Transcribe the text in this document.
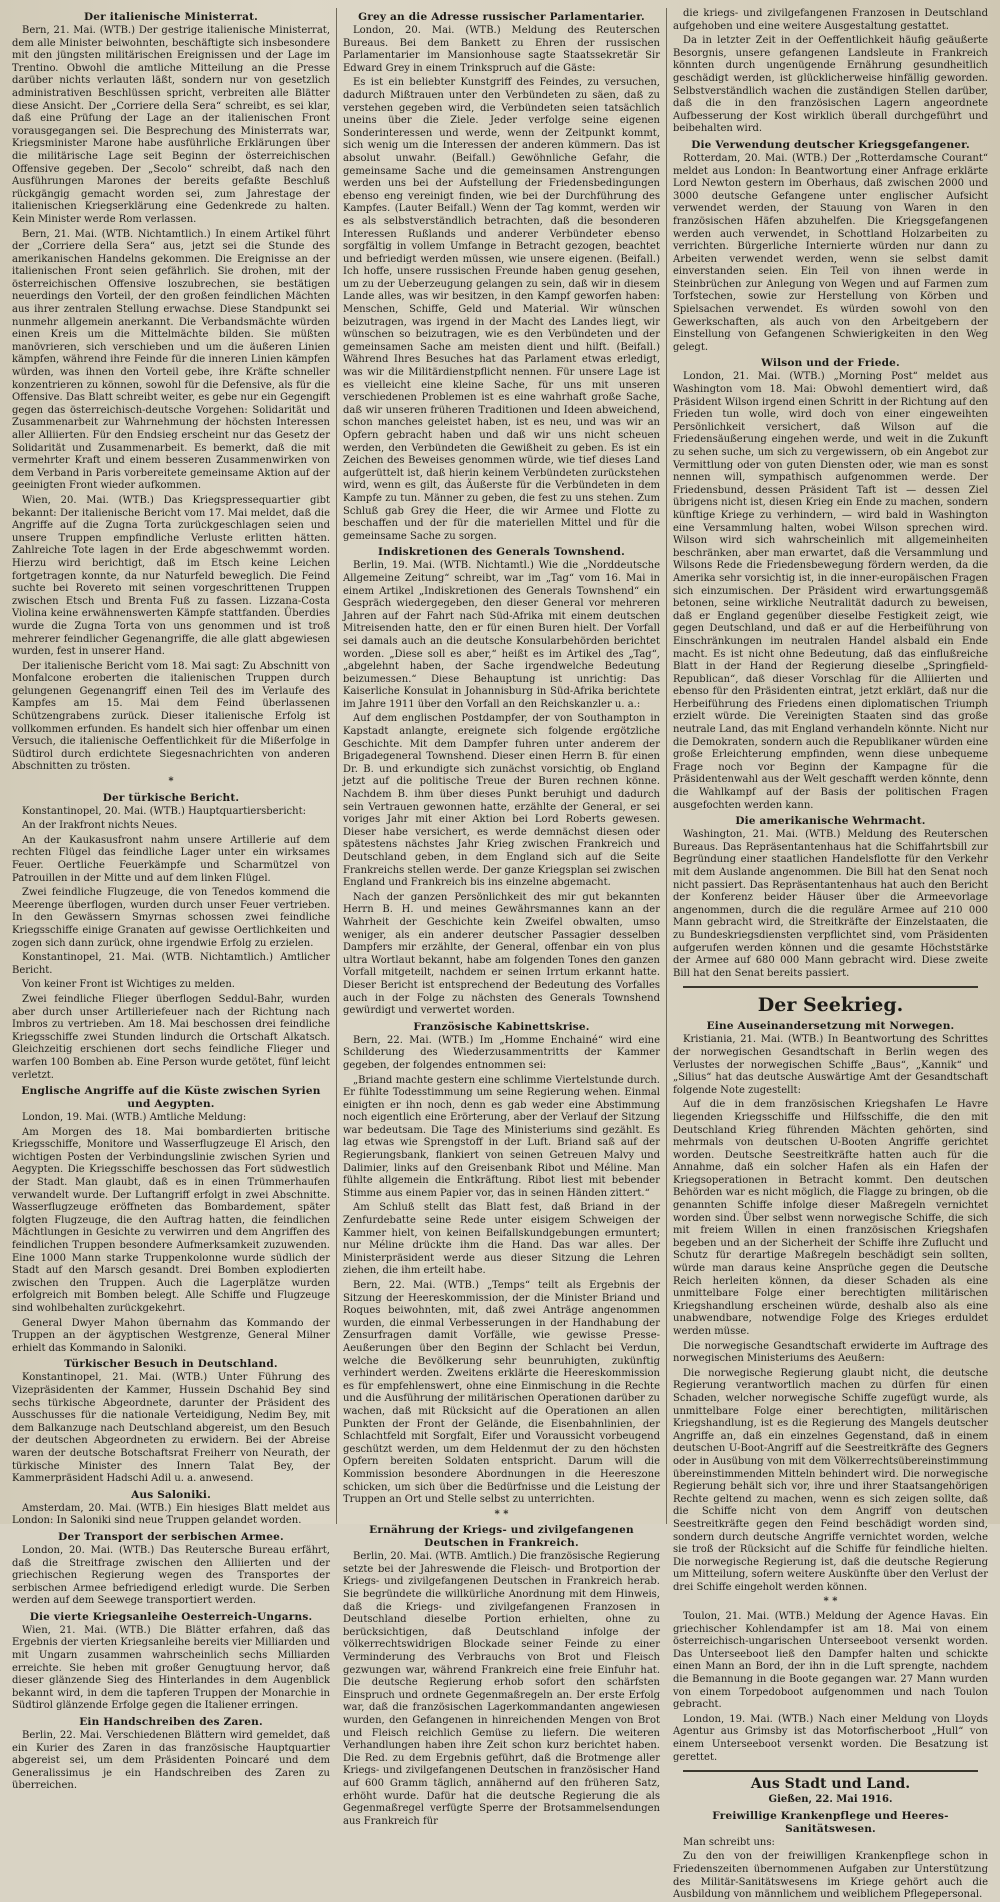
Der italienische Ministerrat.

Bern, 21. Mai. (WTB.) Der gestrige italienische Ministerrat, dem alle Minister beiwohnten, beschäftigte sich insbesondere mit den jüngsten militärischen Ereignissen und der Lage im Trentino. Obwohl die amtliche Mitteilung an die Presse darüber nichts verlauten läßt, sondern nur von gesetzlich administrativen Beschlüssen spricht, verbreiten alle Blätter diese Ansicht. Der „Corriere della Sera“ schreibt, es sei klar, daß eine Prüfung der Lage an der italienischen Front vorausgegangen sei. Die Besprechung des Ministerrats war, Kriegsminister Marone habe ausführliche Erklärungen über die militärische Lage seit Beginn der österreichischen Offensive gegeben. Der „Secolo“ schreibt, daß nach den Ausführungen Marones der bereits gefaßte Beschluß rückgängig gemacht worden sei, zum Jahrestage der italienischen Kriegserklärung eine Gedenkrede zu halten. Kein Minister werde Rom verlassen.

Bern, 21. Mai. (WTB. Nichtamtlich.) In einem Artikel führt der „Corriere della Sera“ aus, jetzt sei die Stunde des amerikanischen Handelns gekommen. Die Ereignisse an der italienischen Front seien gefährlich. Sie drohen, mit der österreichischen Offensive loszubrechen, sie bestätigen neuerdings den Vorteil, der den großen feindlichen Mächten aus ihrer zentralen Stellung erwachse. Diese Standpunkt sei nunmehr allgemein anerkannt. Die Verbandsmächte würden einen Kreis um die Mittelmächte bilden. Sie müßten manövrieren, sich verschieben und um die äußeren Linien kämpfen, während ihre Feinde für die inneren Linien kämpfen würden, was ihnen den Vorteil gebe, ihre Kräfte schneller konzentrieren zu können, sowohl für die Defensive, als für die Offensive. Das Blatt schreibt weiter, es gebe nur ein Gegengift gegen das österreichisch-deutsche Vorgehen: Solidarität und Zusammenarbeit zur Wahrnehmung der höchsten Interessen aller Alliierten. Für den Endsieg erscheint nur das Gesetz der Solidarität und Zusammenarbeit. Es bemerkt, daß die mit vermehrter Kraft und einem besseren Zusammenwirken von dem Verband in Paris vorbereitete gemeinsame Aktion auf der geeinigten Front wieder aufkommen.

Wien, 20. Mai. (WTB.) Das Kriegspressequartier gibt bekannt: Der italienische Bericht vom 17. Mai meldet, daß die Angriffe auf die Zugna Torta zurückgeschlagen seien und unsere Truppen empfindliche Verluste erlitten hätten. Zahlreiche Tote lagen in der Erde abgeschwemmt worden. Hierzu wird berichtigt, daß im Etsch keine Leichen fortgetragen konnte, da nur Naturfeld beweglich. Die Feind suchte bei Rovereto mit seinen vorgeschrittenen Truppen zwischen Etsch und Brenta Fuß zu fassen. Lizzana-Costa Violina keine erwähnenswerten Kämpfe stattfanden. Überdies wurde die Zugna Torta von uns genommen und ist troß mehrerer feindlicher Gegenangriffe, die alle glatt abgewiesen wurden, fest in unserer Hand.

Der italienische Bericht vom 18. Mai sagt: Zu Abschnitt von Monfalcone eroberten die italienischen Truppen durch gelungenen Gegenangriff einen Teil des im Verlaufe des Kampfes am 15. Mai dem Feind überlassenen Schützengrabens zurück. Dieser italienische Erfolg ist vollkommen erfunden. Es handelt sich hier offenbar um einen Versuch, die italienische Oeffentlichkeit für die Mißerfolge in Südtirol durch erdichtete Siegesnachrichten von anderen Abschnitten zu trösten.

*
Der türkische Bericht.

Konstantinopel, 20. Mai. (WTB.) Hauptquartiersbericht:

An der Irakfront nichts Neues.

An der Kaukasusfront nahm unsere Artillerie auf dem rechten Flügel das feindliche Lager unter ein wirksames Feuer. Oertliche Feuerkämpfe und Scharmützel von Patrouillen in der Mitte und auf dem linken Flügel.

Zwei feindliche Flugzeuge, die von Tenedos kommend die Meerenge überflogen, wurden durch unser Feuer vertrieben. In den Gewässern Smyrnas schossen zwei feindliche Kriegsschiffe einige Granaten auf gewisse Oertlichkeiten und zogen sich dann zurück, ohne irgendwie Erfolg zu erzielen.

Konstantinopel, 21. Mai. (WTB. Nichtamtlich.) Amtlicher Bericht.

Von keiner Front ist Wichtiges zu melden.

Zwei feindliche Flieger überflogen Seddul-Bahr, wurden aber durch unser Artilleriefeuer nach der Richtung nach Imbros zu vertrieben. Am 18. Mai beschossen drei feindliche Kriegsschiffe zwei Stunden lindurch die Ortschaft Alkatsch. Gleichzeitig erschienen dort sechs feindliche Flieger und warfen 100 Bomben ab. Eine Person wurde getötet, fünf leicht verletzt.

Englische Angriffe auf die Küste zwischen Syrien und Aegypten.

London, 19. Mai. (WTB.) Amtliche Meldung:

Am Morgen des 18. Mai bombardierten britische Kriegsschiffe, Monitore und Wasserflugzeuge El Arisch, den wichtigen Posten der Verbindungslinie zwischen Syrien und Aegypten. Die Kriegsschiffe beschossen das Fort südwestlich der Stadt. Man glaubt, daß es in einen Trümmerhaufen verwandelt wurde. Der Luftangriff erfolgt in zwei Abschnitte. Wasserflugzeuge eröffneten das Bombardement, später folgten Flugzeuge, die den Auftrag hatten, die feindlichen Mächtlungen in Gesichte zu verwirren und dem Angriffen des feindlichen Truppen besondere Aufmerksamkeit zuzuwenden. Eine 1000 Mann starke Truppenkolonne wurde südlich der Stadt auf den Marsch gesandt. Drei Bomben explodierten zwischen den Truppen. Auch die Lagerplätze wurden erfolgreich mit Bomben belegt. Alle Schiffe und Flugzeuge sind wohlbehalten zurückgekehrt.

General Dwyer Mahon übernahm das Kommando der Truppen an der ägyptischen Westgrenze, General Milner erhielt das Kommando in Saloniki.

Türkischer Besuch in Deutschland.

Konstantinopel, 21. Mai. (WTB.) Unter Führung des Vizepräsidenten der Kammer, Hussein Dschahid Bey sind sechs türkische Abgeordnete, darunter der Präsident des Ausschusses für die nationale Verteidigung, Nedim Bey, mit dem Balkanzuge nach Deutschland abgereist, um den Besuch der deutschen Abgeordneten zu erwidern. Bei der Abreise waren der deutsche Botschaftsrat Freiherr von Neurath, der türkische Minister des Innern Talat Bey, der Kammerpräsident Hadschi Adil u. a. anwesend.

Aus Saloniki.

Amsterdam, 20. Mai. (WTB.) Ein hiesiges Blatt meldet aus London: In Saloniki sind neue Truppen gelandet worden.

Der Transport der serbischen Armee.

London, 20. Mai. (WTB.) Das Reutersche Bureau erfährt, daß die Streitfrage zwischen den Alliierten und der griechischen Regierung wegen des Transportes der serbischen Armee befriedigend erledigt wurde. Die Serben werden auf dem Seewege transportiert werden.

Die vierte Kriegsanleihe Oesterreich-Ungarns.

Wien, 21. Mai. (WTB.) Die Blätter erfahren, daß das Ergebnis der vierten Kriegsanleihe bereits vier Milliarden und mit Ungarn zusammen wahrscheinlich sechs Milliarden erreichte. Sie heben mit großer Genugtuung hervor, daß dieser glänzende Sieg des Hinterlandes in dem Augenblick bekannt wird, in dem die tapferen Truppen der Monarchie in Südtirol glänzende Erfolge gegen die Italiener erringen.

Ein Handschreiben des Zaren.

Berlin, 22. Mai. Verschiedenen Blättern wird gemeldet, daß ein Kurier des Zaren in das französische Hauptquartier abgereist sei, um dem Präsidenten Poincaré und dem Generalissimus je ein Handschreiben des Zaren zu überreichen.

Grey an die Adresse russischer Parlamentarier.

London, 20. Mai. (WTB.) Meldung des Reuterschen Bureaus. Bei dem Bankett zu Ehren der russischen Parlamentarier im Mansionhouse sagte Staatssekretär Sir Edward Grey in einem Trinkspruch auf die Gäste:

Es ist ein beliebter Kunstgriff des Feindes, zu versuchen, dadurch Mißtrauen unter den Verbündeten zu säen, daß zu verstehen gegeben wird, die Verbündeten seien tatsächlich uneins über die Ziele. Jeder verfolge seine eigenen Sonderinteressen und werde, wenn der Zeitpunkt kommt, sich wenig um die Interessen der anderen kümmern. Das ist absolut unwahr. (Beifall.) Gewöhnliche Gefahr, die gemeinsame Sache und die gemeinsamen Anstrengungen werden uns bei der Aufstellung der Friedensbedingungen ebenso eng vereinigt finden, wie bei der Durchführung des Kampfes. (Lauter Beifall.) Wenn der Tag kommt, werden wir es als selbstverständlich betrachten, daß die besonderen Interessen Rußlands und anderer Verbündeter ebenso sorgfältig in vollem Umfange in Betracht gezogen, beachtet und befriedigt werden müssen, wie unsere eigenen. (Beifall.) Ich hoffe, unsere russischen Freunde haben genug gesehen, um zu der Ueberzeugung gelangen zu sein, daß wir in diesem Lande alles, was wir besitzen, in den Kampf geworfen haben: Menschen, Schiffe, Geld und Material. Wir wünschen beizutragen, was irgend in der Macht des Landes liegt, wir wünschen so beizutragen, wie es den Verbündeten und der gemeinsamen Sache am meisten dient und hilft. (Beifall.) Während Ihres Besuches hat das Parlament etwas erledigt, was wir die Militärdienstpflicht nennen. Für unsere Lage ist es vielleicht eine kleine Sache, für uns mit unseren verschiedenen Problemen ist es eine wahrhaft große Sache, daß wir unseren früheren Traditionen und Ideen abweichend, schon manches geleistet haben, ist es neu, und was wir an Opfern gebracht haben und daß wir uns nicht scheuen werden, den Verbündeten die Gewißheit zu geben. Es ist ein Zeichen des Beweises genommen würde, wie tief dieses Land aufgerüttelt ist, daß hierin keinem Verbündeten zurückstehen wird, wenn es gilt, das Äußerste für die Verbündeten in dem Kampfe zu tun. Männer zu geben, die fest zu uns stehen. Zum Schluß gab Grey die Heer, die wir Armee und Flotte zu beschaffen und der für die materiellen Mittel und für die gemeinsame Sache zu sorgen.

Indiskretionen des Generals Townshend.

Berlin, 19. Mai. (WTB. Nichtamtl.) Wie die „Norddeutsche Allgemeine Zeitung“ schreibt, war im „Tag“ vom 16. Mai in einem Artikel „Indiskretionen des Generals Townshend“ ein Gespräch wiedergegeben, den dieser General vor mehreren Jahren auf der Fahrt nach Süd-Afrika mit einem deutschen Mitreisenden hatte, den er für einen Buren hielt. Der Vorfall sei damals auch an die deutsche Konsularbehörden berichtet worden. „Diese soll es aber,“ heißt es im Artikel des „Tag“, „abgelehnt haben, der Sache irgendwelche Bedeutung beizumessen.“ Diese Behauptung ist unrichtig: Das Kaiserliche Konsulat in Johannisburg in Süd-Afrika berichtete im Jahre 1911 über den Vorfall an den Reichskanzler u. a.:

Auf dem englischen Postdampfer, der von Southampton in Kapstadt anlangte, ereignete sich folgende ergötzliche Geschichte. Mit dem Dampfer fuhren unter anderem der Brigadegeneral Townshend. Dieser einen Herrn B. für einen Dr. B. und erkundigte sich zunächst vorsichtig, ob England jetzt auf die politische Treue der Buren rechnen könne. Nachdem B. ihm über dieses Punkt beruhigt und dadurch sein Vertrauen gewonnen hatte, erzählte der General, er sei voriges Jahr mit einer Aktion bei Lord Roberts gewesen. Dieser habe versichert, es werde demnächst diesen oder spätestens nächstes Jahr Krieg zwischen Frankreich und Deutschland geben, in dem England sich auf die Seite Frankreichs stellen werde. Der ganze Kriegsplan sei zwischen England und Frankreich bis ins einzelne abgemacht.

Nach der ganzen Persönlichkeit des mir gut bekannten Herrn B. H. und meines Gewährsmannes kann an der Wahrheit der Geschichte kein Zweifel obwalten, umso weniger, als ein anderer deutscher Passagier desselben Dampfers mir erzählte, der General, offenbar ein von plus ultra Wortlaut bekannt, habe am folgenden Tones den ganzen Vorfall mitgeteilt, nachdem er seinen Irrtum erkannt hatte. Dieser Bericht ist entsprechend der Bedeutung des Vorfalles auch in der Folge zu nächsten des Generals Townshend gewürdigt und verwertet worden.

Französische Kabinettskrise.

Bern, 22. Mai. (WTB.) Im „Homme Enchainé“ wird eine Schilderung des Wiederzusammentritts der Kammer gegeben, der folgendes entnommen sei:

„Briand machte gestern eine schlimme Viertelstunde durch. Er fühlte Todesstimmung um seine Regierung wehen. Einmal einigten er ihn noch, denn es gab weder eine Abstimmung noch eigentlich eine Erörterung, aber der Verlauf der Sitzung war bedeutsam. Die Tage des Ministeriums sind gezählt. Es lag etwas wie Sprengstoff in der Luft. Briand saß auf der Regierungsbank, flankiert von seinen Getreuen Malvy und Dalimier, links auf den Greisenbank Ribot und Méline. Man fühlte allgemein die Entkräftung. Ribot liest mit bebender Stimme aus einem Papier vor, das in seinen Händen zittert.“

Am Schluß stellt das Blatt fest, daß Briand in der Zenfurdebatte seine Rede unter eisigem Schweigen der Kammer hielt, von keinen Beifallskundgebungen ermuntert; nur Méline drückte ihm die Hand. Das war alles. Der Ministerpräsident werde aus dieser Sitzung die Lehren ziehen, die ihm erteilt habe.

Bern, 22. Mai. (WTB.) „Temps“ teilt als Ergebnis der Sitzung der Heereskommission, der die Minister Briand und Roques beiwohnten, mit, daß zwei Anträge angenommen wurden, die einmal Verbesserungen in der Handhabung der Zensurfragen damit Vorfälle, wie gewisse Presse-Aeußerungen über den Beginn der Schlacht bei Verdun, welche die Bevölkerung sehr beunruhigten, zukünftig verhindert werden. Zweitens erklärte die Heereskommission es für empfehlenswert, ohne eine Einmischung in die Rechte und die Ausführung der militärischen Operationen darüber zu wachen, daß mit Rücksicht auf die Operationen an allen Punkten der Front der Gelände, die Eisenbahnlinien, der Schlachtfeld mit Sorgfalt, Eifer und Voraussicht vorbeugend geschützt werden, um dem Heldenmut der zu den höchsten Opfern bereiten Soldaten entspricht. Darum will die Kommission besondere Abordnungen in die Heereszone schicken, um sich über die Bedürfnisse und die Leistung der Truppen an Ort und Stelle selbst zu unterrichten.

* *
Ernährung der Kriegs- und zivilgefangenen Deutschen in Frankreich.

Berlin, 20. Mai. (WTB. Amtlich.) Die französische Regierung setzte bei der Jahreswende die Fleisch- und Brotportion der Kriegs- und zivilgefangenen Deutschen in Frankreich herab. Sie begründete die willkürliche Anordnung mit dem Hinweis, daß die Kriegs- und zivilgefangenen Franzosen in Deutschland dieselbe Portion erhielten, ohne zu berücksichtigen, daß Deutschland infolge der völkerrechtswidrigen Blockade seiner Feinde zu einer Verminderung des Verbrauchs von Brot und Fleisch gezwungen war, während Frankreich eine freie Einfuhr hat. Die deutsche Regierung erhob sofort den schärfsten Einspruch und ordnete Gegenmaßregeln an. Der erste Erfolg war, daß die französischen Lagerkommandanten angewiesen wurden, den Gefangenen in hinreichenden Mengen von Brot und Fleisch reichlich Gemüse zu liefern. Die weiteren Verhandlungen haben ihre Zeit schon kurz berichtet haben. Die Red. zu dem Ergebnis geführt, daß die Brotmenge aller Kriegs- und zivilgefangenen Deutschen in französischer Hand auf 600 Gramm täglich, annähernd auf den früheren Satz, erhöht wurde. Dafür hat die deutsche Regierung die als Gegenmaßregel verfügte Sperre der Brotsammelsendungen aus Frankreich für

die kriegs- und zivilgefangenen Franzosen in Deutschland aufgehoben und eine weitere Ausgestaltung gestattet.

Da in letzter Zeit in der Oeffentlichkeit häufig geäußerte Besorgnis, unsere gefangenen Landsleute in Frankreich könnten durch ungenügende Ernährung gesundheitlich geschädigt werden, ist glücklicherweise hinfällig geworden. Selbstverständlich wachen die zuständigen Stellen darüber, daß die in den französischen Lagern angeordnete Aufbesserung der Kost wirklich überall durchgeführt und beibehalten wird.

Die Verwendung deutscher Kriegsgefangener.

Rotterdam, 20. Mai. (WTB.) Der „Rotterdamsche Courant“ meldet aus London: In Beantwortung einer Anfrage erklärte Lord Newton gestern im Oberhaus, daß zwischen 2000 und 3000 deutsche Gefangene unter englischer Aufsicht verwendet werden, der Stauung von Waren in den französischen Häfen abzuhelfen. Die Kriegsgefangenen werden auch verwendet, in Schottland Holzarbeiten zu verrichten. Bürgerliche Internierte würden nur dann zu Arbeiten verwendet werden, wenn sie selbst damit einverstanden seien. Ein Teil von ihnen werde in Steinbrüchen zur Anlegung von Wegen und auf Farmen zum Torfstechen, sowie zur Herstellung von Körben und Spielsachen verwendet. Es würden sowohl von den Gewerkschaften, als auch von den Arbeitgebern der Einstellung von Gefangenen Schwierigkeiten in den Weg gelegt.

Wilson und der Friede.

London, 21. Mai. (WTB.) „Morning Post“ meldet aus Washington vom 18. Mai: Obwohl dementiert wird, daß Präsident Wilson irgend einen Schritt in der Richtung auf den Frieden tun wolle, wird doch von einer eingeweihten Persönlichkeit versichert, daß Wilson auf die Friedensäußerung eingehen werde, und weit in die Zukunft zu sehen suche, um sich zu vergewissern, ob ein Angebot zur Vermittlung oder von guten Diensten oder, wie man es sonst nennen will, sympathisch aufgenommen werde. Der Friedensbund, dessen Präsident Taft ist — dessen Ziel übrigens nicht ist, diesen Krieg ein Ende zu machen, sondern künftige Kriege zu verhindern, — wird bald in Washington eine Versammlung halten, wobei Wilson sprechen wird. Wilson wird sich wahrscheinlich mit allgemeinheiten beschränken, aber man erwartet, daß die Versammlung und Wilsons Rede die Friedensbewegung fördern werden, da die Amerika sehr vorsichtig ist, in die inner-europäischen Fragen sich einzumischen. Der Präsident wird erwartungsgemäß betonen, seine wirkliche Neutralität dadurch zu beweisen, daß er England gegenüber dieselbe Festigkeit zeigt, wie gegen Deutschland, und daß er auf die Herbeiführung von Einschränkungen im neutralen Handel alsbald ein Ende macht. Es ist nicht ohne Bedeutung, daß das einflußreiche Blatt in der Hand der Regierung dieselbe „Springfield-Republican“, daß dieser Vorschlag für die Alliierten und ebenso für den Präsidenten eintrat, jetzt erklärt, daß nur die Herbeiführung des Friedens einen diplomatischen Triumph erzielt würde. Die Vereinigten Staaten sind das große neutrale Land, das mit England verhandeln könnte. Nicht nur die Demokraten, sondern auch die Republikaner würden eine große Erleichterung empfinden, wenn diese unbequeme Frage noch vor Beginn der Kampagne für die Präsidentenwahl aus der Welt geschafft werden könnte, denn die Wahlkampf auf der Basis der politischen Fragen ausgefochten werden kann.

Die amerikanische Wehrmacht.

Washington, 21. Mai. (WTB.) Meldung des Reuterschen Bureaus. Das Repräsentantenhaus hat die Schiffahrtsbill zur Begründung einer staatlichen Handelsflotte für den Verkehr mit dem Auslande angenommen. Die Bill hat den Senat noch nicht passiert. Das Repräsentantenhaus hat auch den Bericht der Konferenz beider Häuser über die Armeevorlage angenommen, durch die die reguläre Armee auf 210 000 Mann gebracht wird, die Streitkräfte der Einzelstaaten, die zu Bundeskriegsdiensten verpflichtet sind, vom Präsidenten aufgerufen werden können und die gesamte Höchststärke der Armee auf 680 000 Mann gebracht wird. Diese zweite Bill hat den Senat bereits passiert.

Der Seekrieg.
Eine Auseinandersetzung mit Norwegen.

Kristiania, 21. Mai. (WTB.) In Beantwortung des Schrittes der norwegischen Gesandtschaft in Berlin wegen des Verlustes der norwegischen Schiffe „Baus“, „Kannik“ und „Silius“ hat das deutsche Auswärtige Amt der Gesandtschaft folgende Note zugestellt:

Auf die in dem französischen Kriegshafen Le Havre liegenden Kriegsschiffe und Hilfsschiffe, die den mit Deutschland Krieg führenden Mächten gehörten, sind mehrmals von deutschen U-Booten Angriffe gerichtet worden. Deutsche Seestreitkräfte hatten auch für die Annahme, daß ein solcher Hafen als ein Hafen der Kriegsoperationen in Betracht kommt. Den deutschen Behörden war es nicht möglich, die Flagge zu bringen, ob die genannten Schiffe infolge dieser Maßregeln vernichtet worden sind. Über selbst wenn norwegische Schiffe, die sich mit freiem Willen in einen französischen Kriegshafen begeben und an der Sicherheit der Schiffe ihre Zuflucht und Schutz für derartige Maßregeln beschädigt sein sollten, würde man daraus keine Ansprüche gegen die Deutsche Reich herleiten können, da dieser Schaden als eine unmittelbare Folge einer berechtigten militärischen Kriegshandlung erscheinen würde, deshalb also als eine unabwendbare, notwendige Folge des Krieges erduldet werden müsse.

Die norwegische Gesandtschaft erwiderte im Auftrage des norwegischen Ministeriums des Aeußern:

Die norwegische Regierung glaubt nicht, die deutsche Regierung verantwortlich machen zu dürfen für einen Schaden, welcher norwegische Schiffe zugefügt wurde, als unmittelbare Folge einer berechtigten, militärischen Kriegshandlung, ist es die Regierung des Mangels deutscher Angriffe an, daß ein einzelnes Gegenstand, daß in einem deutschen U-Boot-Angriff auf die Seestreitkräfte des Gegners oder in Ausübung von mit dem Völkerrechtsübereinstimmung übereinstimmenden Mitteln behindert wird. Die norwegische Regierung behält sich vor, ihre und ihrer Staatsangehörigen Rechte geltend zu machen, wenn es sich zeigen sollte, daß die Schiffe nicht von dem Angriff von deutschen Seestreitkräfte gegen den Feind beschädigt worden sind, sondern durch deutsche Angriffe vernichtet worden, welche sie troß der Rücksicht auf die Schiffe für feindliche hielten. Die norwegische Regierung ist, daß die deutsche Regierung um Mitteilung, sofern weitere Auskünfte über den Verlust der drei Schiffe eingeholt werden können.

* *

Toulon, 21. Mai. (WTB.) Meldung der Agence Havas. Ein griechischer Kohlendampfer ist am 18. Mai von einem österreichisch-ungarischen Unterseeboot versenkt worden. Das Unterseeboot ließ den Dampfer halten und schickte einen Mann an Bord, der ihn in die Luft sprengte, nachdem die Bemannung in die Boote gegangen war. 27 Mann wurden von einem Torpedoboot aufgenommen und nach Toulon gebracht.

London, 19. Mai. (WTB.) Nach einer Meldung von Lloyds Agentur aus Grimsby ist das Motorfischerboot „Hull“ von einem Unterseeboot versenkt worden. Die Besatzung ist gerettet.

Aus Stadt und Land.

Gießen, 22. Mai 1916.

Freiwillige Krankenpflege und Heeres-Sanitätswesen.

Man schreibt uns:

Zu den von der freiwilligen Krankenpflege schon in Friedenszeiten übernommenen Aufgaben zur Unterstützung des Militär-Sanitätswesens im Kriege gehört auch die Ausbildung von männlichem und weiblichem Pflegepersonal.
